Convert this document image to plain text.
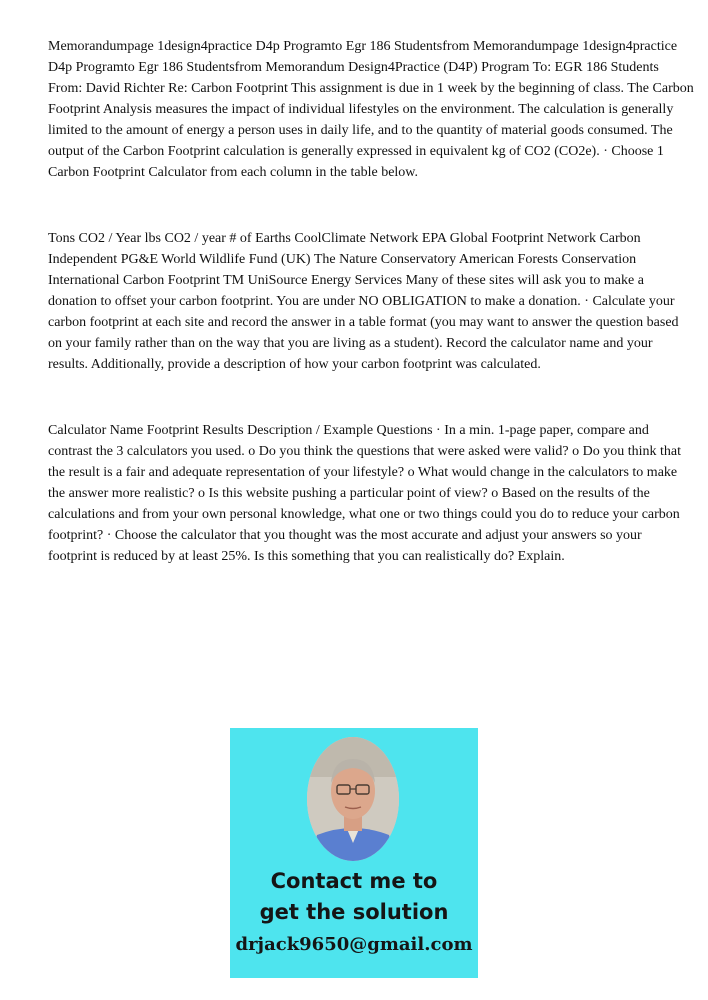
Memorandumpage 1design4practice D4p Programto Egr 186 Studentsfrom Memorandumpage 1design4practice D4p Programto Egr 186 Studentsfrom Memorandum Design4Practice (D4P) Program To: EGR 186 Students From: David Richter Re: Carbon Footprint This assignment is due in 1 week by the beginning of class. The Carbon Footprint Analysis measures the impact of individual lifestyles on the environment. The calculation is generally limited to the amount of energy a person uses in daily life, and to the quantity of material goods consumed. The output of the Carbon Footprint calculation is generally expressed in equivalent kg of CO2 (CO2e). · Choose 1 Carbon Footprint Calculator from each column in the table below.

Tons CO2 / Year lbs CO2 / year # of Earths CoolClimate Network EPA Global Footprint Network Carbon Independent PG&E World Wildlife Fund (UK) The Nature Conservatory American Forests Conservation International Carbon Footprint TM UniSource Energy Services Many of these sites will ask you to make a donation to offset your carbon footprint. You are under NO OBLIGATION to make a donation. · Calculate your carbon footprint at each site and record the answer in a table format (you may want to answer the question based on your family rather than on the way that you are living as a student). Record the calculator name and your results. Additionally, provide a description of how your carbon footprint was calculated.

Calculator Name Footprint Results Description / Example Questions · In a min. 1-page paper, compare and contrast the 3 calculators you used. o Do you think the questions that were asked were valid? o Do you think that the result is a fair and adequate representation of your lifestyle? o What would change in the calculators to make the answer more realistic? o Is this website pushing a particular point of view? o Based on the results of the calculations and from your own personal knowledge, what one or two things could you do to reduce your carbon footprint? · Choose the calculator that you thought was the most accurate and adjust your answers so your footprint is reduced by at least 25%. Is this something that you can realistically do? Explain.

Contact me to
get the solution
drjack9650@gmail.com
